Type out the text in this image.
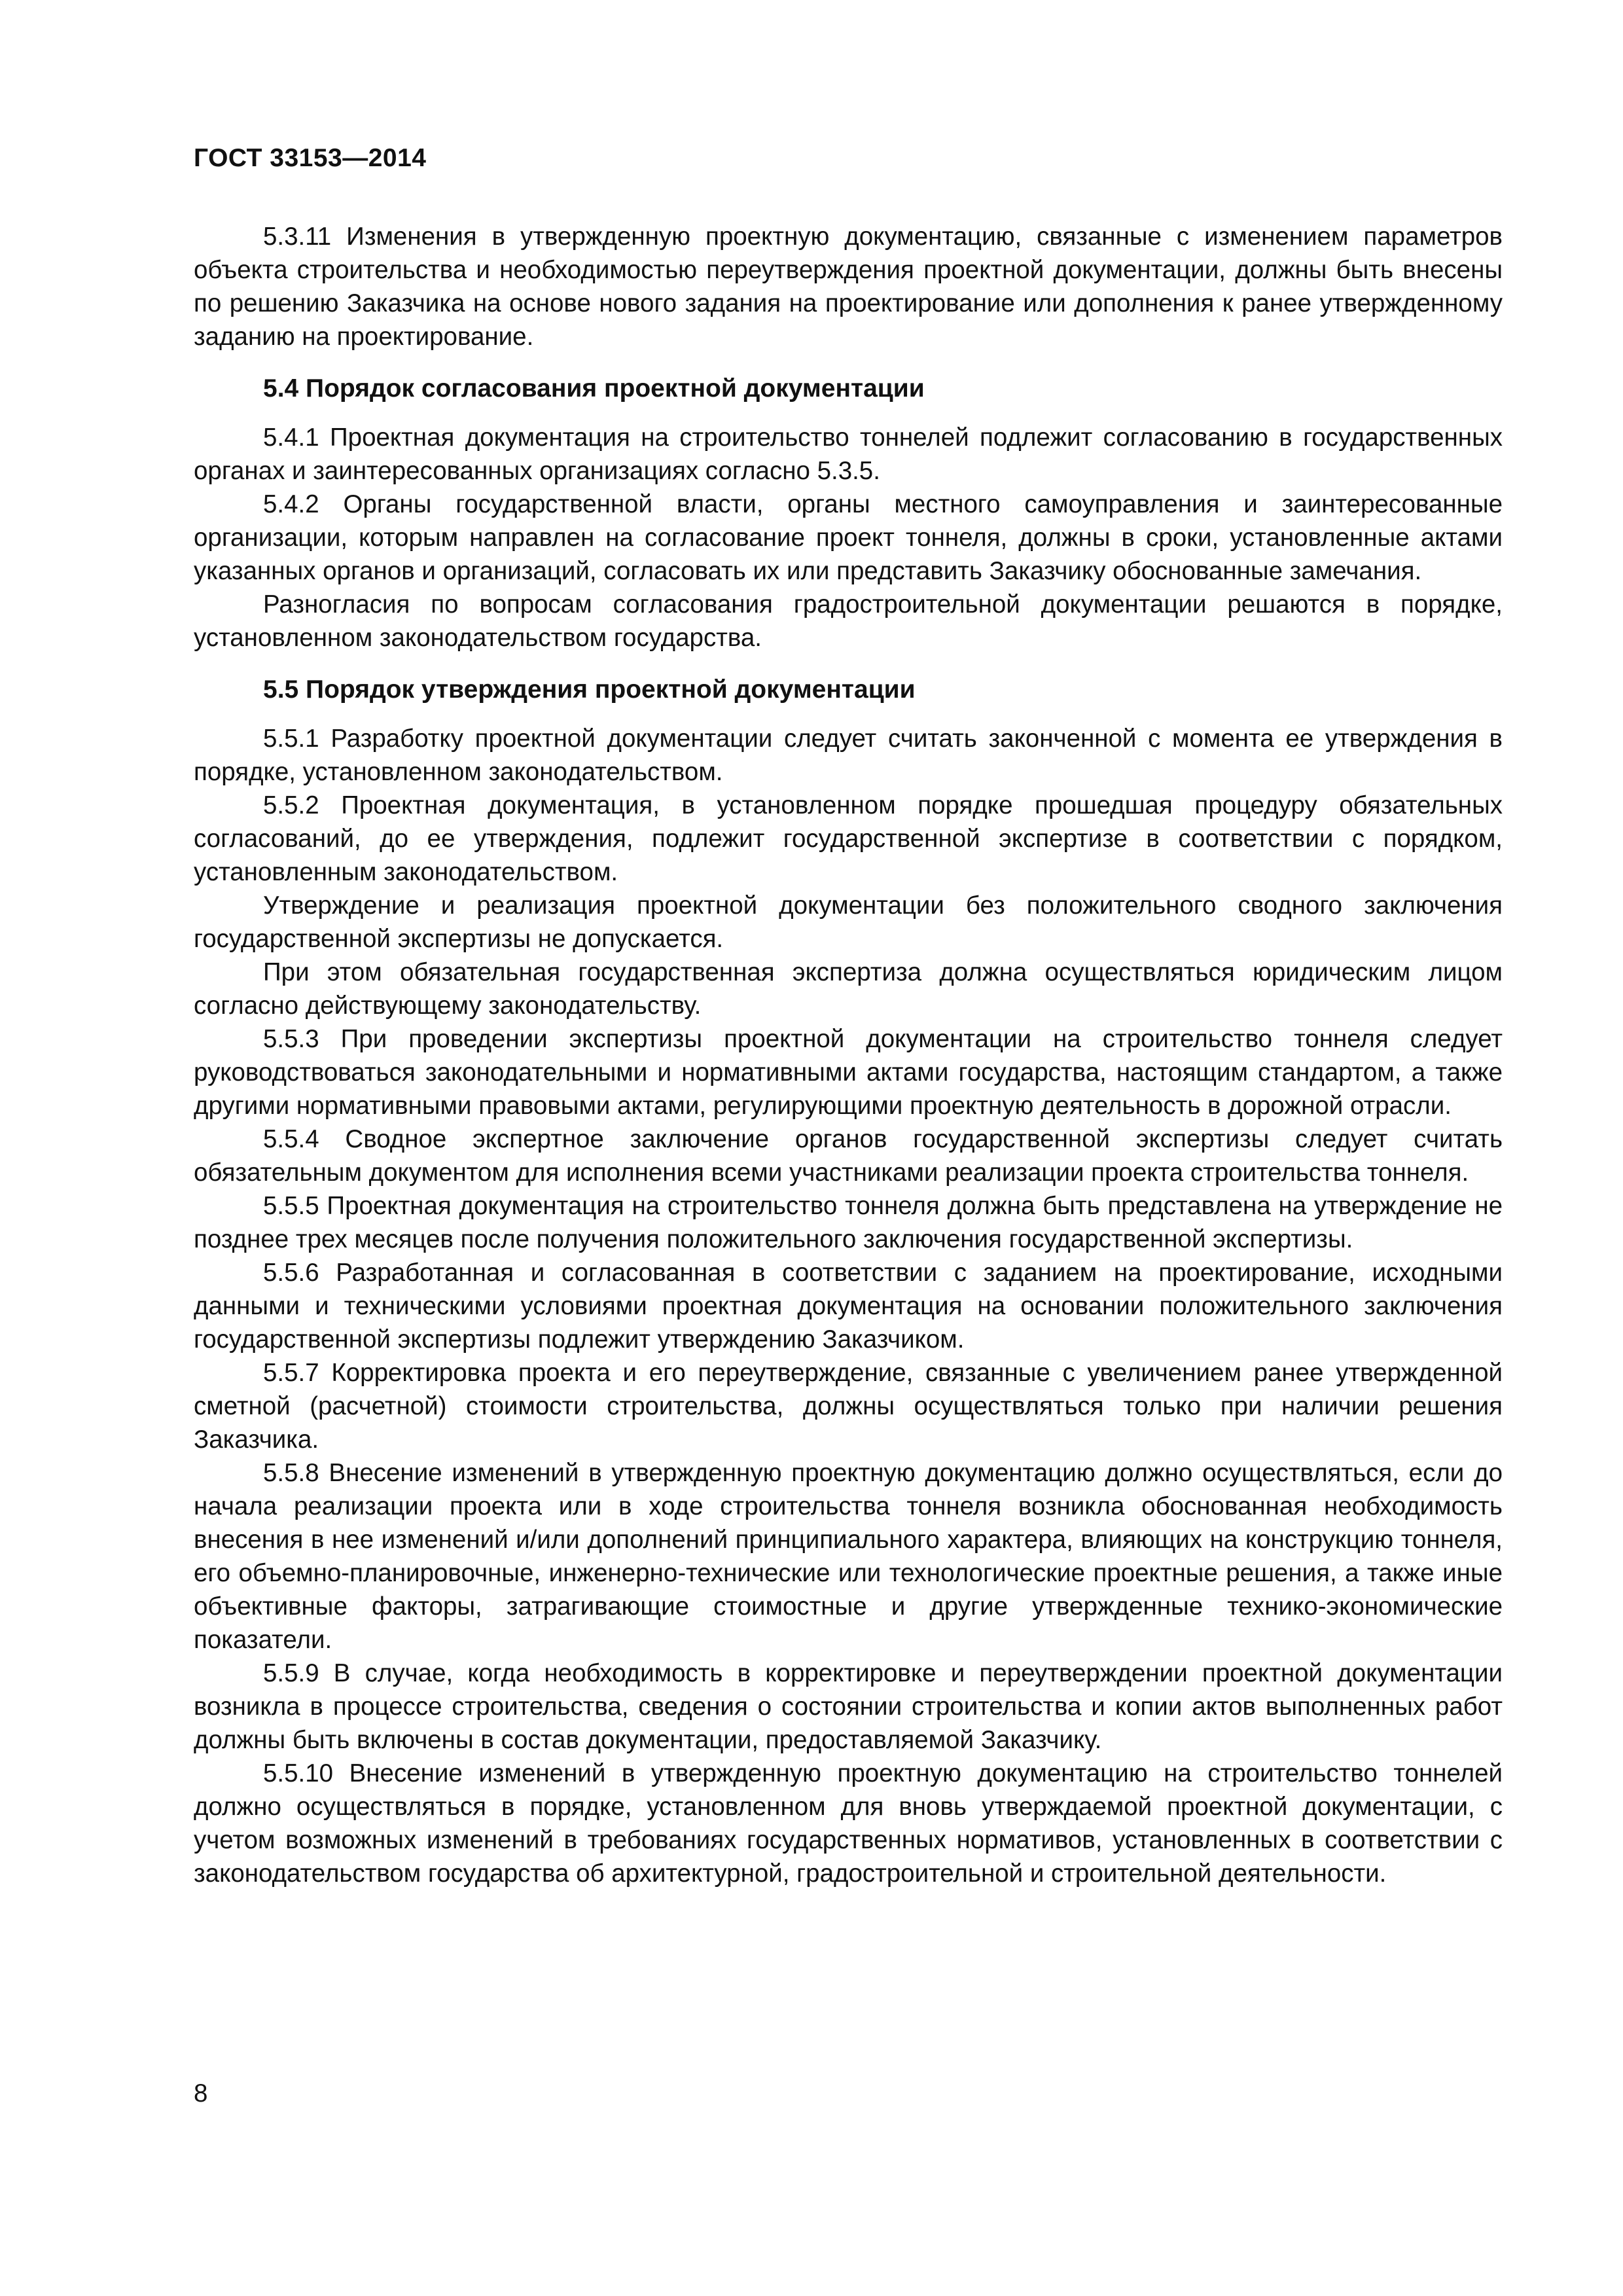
ГОСТ 33153—2014

5.3.11 Изменения в утвержденную проектную документацию, связанные с изменением параметров объекта строительства и необходимостью переутверждения проектной документации, должны быть внесены по решению Заказчика на основе нового задания на проектирование или дополнения к ранее утвержденному заданию на проектирование.

5.4 Порядок согласования проектной документации

5.4.1 Проектная документация на строительство тоннелей подлежит согласованию в государственных органах и заинтересованных организациях согласно 5.3.5.

5.4.2 Органы государственной власти, органы местного самоуправления и заинтересованные организации, которым направлен на согласование проект тоннеля, должны в сроки, установленные актами указанных органов и организаций, согласовать их или представить Заказчику обоснованные замечания.

Разногласия по вопросам согласования градостроительной документации решаются в порядке, установленном законодательством государства.

5.5 Порядок утверждения проектной документации

5.5.1 Разработку проектной документации следует считать законченной с момента ее утверждения в порядке, установленном законодательством.

5.5.2 Проектная документация, в установленном порядке прошедшая процедуру обязательных согласований, до ее утверждения, подлежит государственной экспертизе в соответствии с порядком, установленным законодательством.

Утверждение и реализация проектной документации без положительного сводного заключения государственной экспертизы не допускается.

При этом обязательная государственная экспертиза должна осуществляться юридическим лицом согласно действующему законодательству.

5.5.3 При проведении экспертизы проектной документации на строительство тоннеля следует руководствоваться законодательными и нормативными актами государства, настоящим стандартом, а также другими нормативными правовыми актами, регулирующими проектную деятельность в дорожной отрасли.

5.5.4 Сводное экспертное заключение органов государственной экспертизы следует считать обязательным документом для исполнения всеми участниками реализации проекта строительства тоннеля.

5.5.5 Проектная документация на строительство тоннеля должна быть представлена на утверждение не позднее трех месяцев после получения положительного заключения государственной экспертизы.

5.5.6 Разработанная и согласованная в соответствии с заданием на проектирование, исходными данными и техническими условиями проектная документация на основании положительного заключения государственной экспертизы подлежит утверждению Заказчиком.

5.5.7 Корректировка проекта и его переутверждение, связанные с увеличением ранее утвержденной сметной (расчетной) стоимости строительства, должны осуществляться только при наличии решения Заказчика.

5.5.8 Внесение изменений в утвержденную проектную документацию должно осуществляться, если до начала реализации проекта или в ходе строительства тоннеля возникла обоснованная необходимость внесения в нее изменений и/или дополнений принципиального характера, влияющих на конструкцию тоннеля, его объемно-планировочные, инженерно-технические или технологические проектные решения, а также иные объективные факторы, затрагивающие стоимостные и другие утвержденные технико-экономические показатели.

5.5.9 В случае, когда необходимость в корректировке и переутверждении проектной документации возникла в процессе строительства, сведения о состоянии строительства и копии актов выполненных работ должны быть включены в состав документации, предоставляемой Заказчику.

5.5.10 Внесение изменений в утвержденную проектную документацию на строительство тоннелей должно осуществляться в порядке, установленном для вновь утверждаемой проектной документации, с учетом возможных изменений в требованиях государственных нормативов, установленных в соответствии с законодательством государства об архитектурной, градостроительной и строительной деятельности.

8
